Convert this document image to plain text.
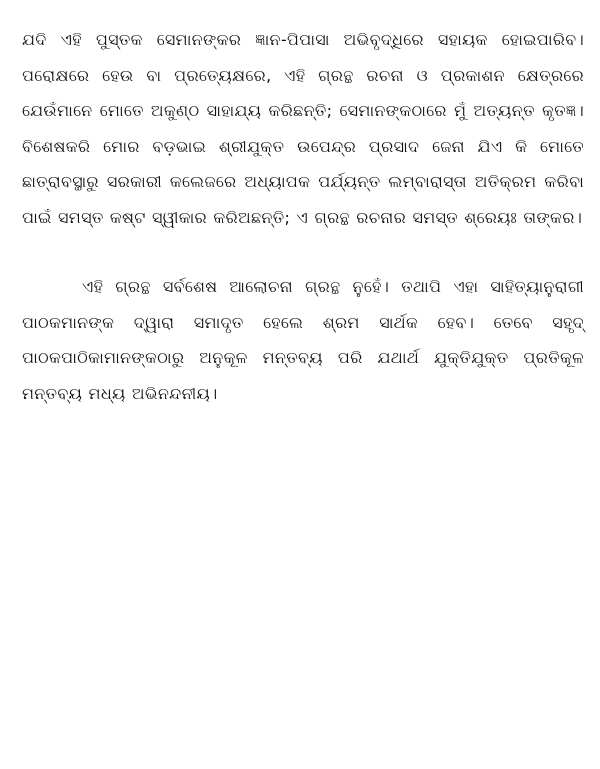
ଯଦି ଏହି ପୁସ୍ତକ ସେମାନଙ୍କର ଜ୍ଞାନ-ପିପାସା ଅଭିବୃଦ୍ଧିରେ ସହାୟକ ହୋଇପାରିବ। ପରୋକ୍ଷରେ ହେଉ ବା ପ୍ରତ୍ୟେକ୍ଷରେ, ଏହି ଗ୍ରନ୍ଥ ରଚନା ଓ ପ୍ରକାଶନ କ୍ଷେତ୍ରରେ ଯେଉଁମାନେ ମୋତେ ଅକୁଣ୍ଠ ସାହାଯ୍ୟ କରିଛନ୍ତି; ସେମାନଙ୍କଠାରେ ମୁଁ ଅତ୍ୟନ୍ତ କୃତଜ୍ଞ। ବିଶେଷକରି ମୋର ବଡ଼ଭାଇ ଶ୍ରୀଯୁକ୍ତ ଉପେନ୍ଦ୍ର ପ୍ରସାଦ ଜେନା ଯିଏ କି ମୋତେ ଛାତ୍ରାବସ୍ଥାରୁ ସରକାରୀ କଲେଜରେ ଅଧ୍ୟାପକ ପର୍ଯ୍ୟନ୍ତ ଲମ୍ବାରାସ୍ତା ଅତିକ୍ରମ କରିବା ପାଇଁ ସମସ୍ତ କଷ୍ଟ ସ୍ୱୀକାର କରିଅଛନ୍ତି; ଏ ଗ୍ରନ୍ଥ ରଚନାର ସମସ୍ତ ଶ୍ରେୟଃ ତାଙ୍କର।

ଏହି ଗ୍ରନ୍ଥ ସର୍ବଶେଷ ଆଲୋଚନା ଗ୍ରନ୍ଥ ନୁହେଁ। ତଥାପି ଏହା ସାହିତ୍ୟାନୁରାଗୀ ପାଠକମାନଙ୍କ ଦ୍ୱାରା ସମାଦୃତ ହେଲେ ଶ୍ରମ ସାର୍ଥକ ହେବ। ତେବେ ସହୃଦ୍ ପାଠକପାଠିକାମାନଙ୍କଠାରୁ ଅନୁକୂଳ ମନ୍ତବ୍ୟ ପରି ଯଥାର୍ଥ ଯୁକ୍ତିଯୁକ୍ତ ପ୍ରତିକୂଳ ମନ୍ତବ୍ୟ ମଧ୍ୟ ଅଭିନନ୍ଦନୀୟ।
